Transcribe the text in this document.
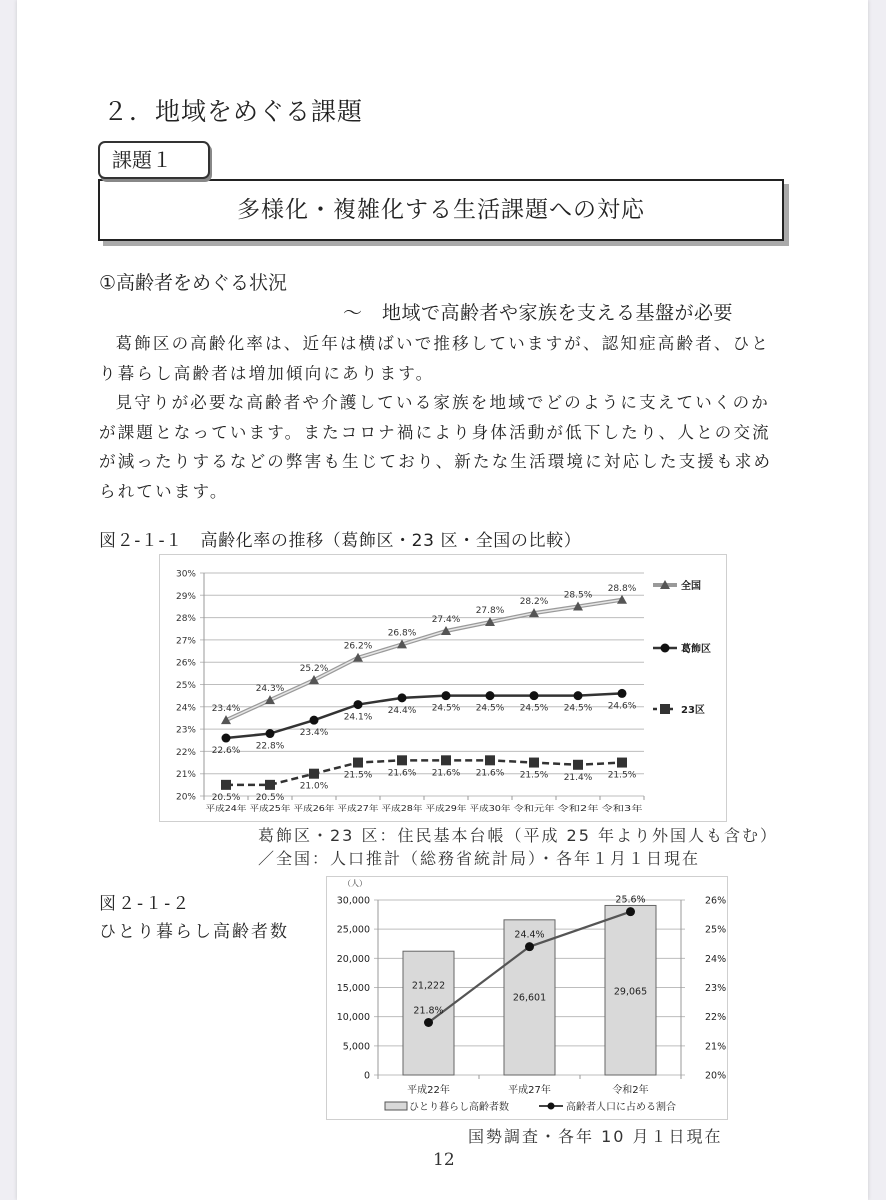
２．地域をめぐる課題
課題１
多様化・複雑化する生活課題への対応
①高齢者をめぐる状況
～　地域で高齢者や家族を支える基盤が必要
葛飾区の高齢化率は、近年は横ばいで推移していますが、認知症高齢者、ひとり暮らし高齢者は増加傾向にあります。
見守りが必要な高齢者や介護している家族を地域でどのように支えていくのかが課題となっています。またコロナ禍により身体活動が低下したり、人との交流が減ったりするなどの弊害も生じており、新たな生活環境に対応した支援も求められています。
図２-１-１　高齢化率の推移（葛飾区・23 区・全国の比較）
20%
21%
22%
23%
24%
25%
26%
27%
28%
29%
30%
平成24年	平成25年	平成26年	平成27年	平成28年	平成29年	平成30年	令和元年	令和2年	令和3年
23.4%
24.3%
25.2%
26.2%
26.8%
27.4%
27.8%
28.2%
28.5%
28.8%
22.6% 22.8%
23.4%
24.1%
24.4% 24.5% 24.5% 24.5% 24.5% 24.6%
20.5% 20.5%
21.0%
21.5% 21.6% 21.6% 21.6% 21.5% 21.4% 21.5%
全国
葛飾区
23区
葛飾区・23 区：住民基本台帳（平成 25 年より外国人も含む）
／全国：人口推計（総務省統計局）・各年１月１日現在
図２-１-２
ひとり暮らし高齢者数
（人）
0
5,000
10,000
15,000
20,000
25,000
30,000
20%
21%
22%
23%
24%
25%
26%
平成22年	平成27年	令和2年
21,222
26,601
29,065
21.8%
24.4%
25.6%
ひとり暮らし高齢者数	高齢者人口に占める割合
国勢調査・各年 10 月１日現在
12
